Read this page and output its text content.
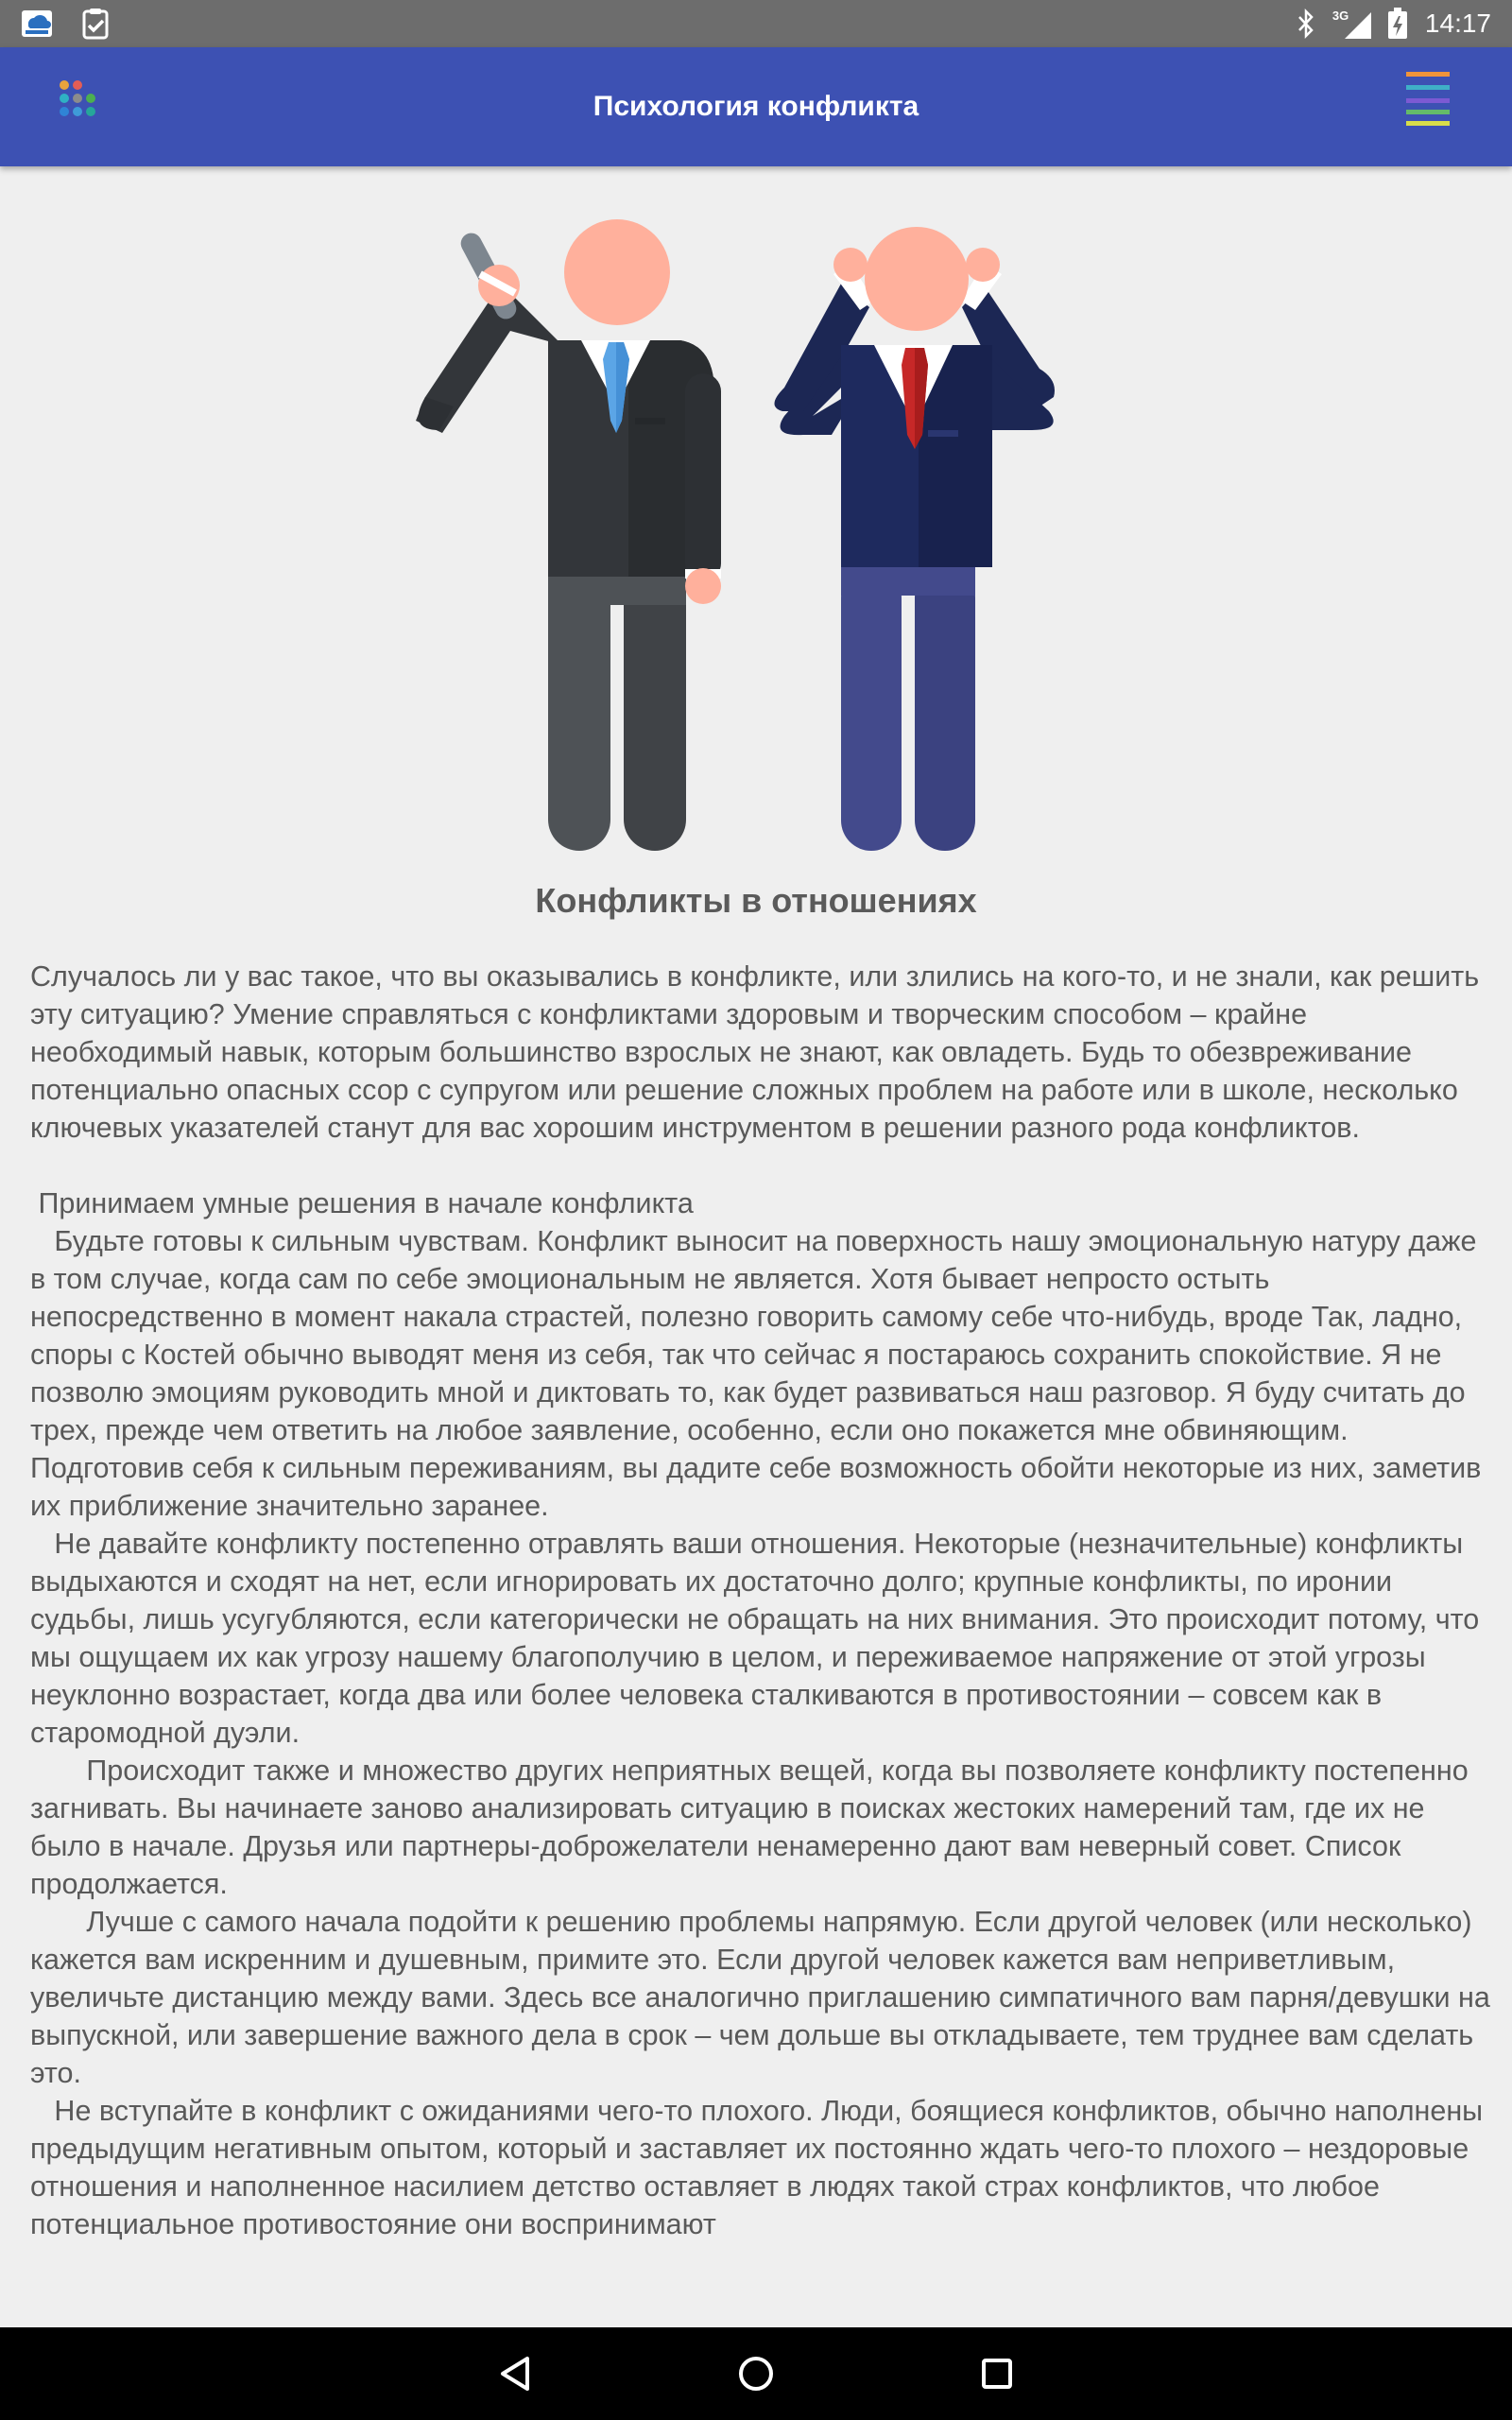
3G	14:17
Психология конфликта
Конфликты в отношениях
Случалось ли у вас такое, что вы оказывались в конфликте, или злились на кого-то, и не знали, как решить эту ситуацию? Умение справляться с конфликтами здоровым и творческим способом – крайне необходимый навык, которым большинство взрослых не знают, как овладеть. Будь то обезвреживание потенциально опасных ссор с супругом или решение сложных проблем на работе или в школе, несколько ключевых указателей станут для вас хорошим инструментом в решении разного рода конфликтов.

Принимаем умные решения в начале конфликта
Будьте готовы к сильным чувствам. Конфликт выносит на поверхность нашу эмоциональную натуру даже в том случае, когда сам по себе эмоциональным не является. Хотя бывает непросто остыть непосредственно в момент накала страстей, полезно говорить самому себе что-нибудь, вроде Так, ладно, споры с Костей обычно выводят меня из себя, так что сейчас я постараюсь сохранить спокойствие. Я не позволю эмоциям руководить мной и диктовать то, как будет развиваться наш разговор. Я буду считать до трех, прежде чем ответить на любое заявление, особенно, если оно покажется мне обвиняющим. Подготовив себя к сильным переживаниям, вы дадите себе возможность обойти некоторые из них, заметив их приближение значительно заранее.
Не давайте конфликту постепенно отравлять ваши отношения. Некоторые (незначительные) конфликты выдыхаются и сходят на нет, если игнорировать их достаточно долго; крупные конфликты, по иронии судьбы, лишь усугубляются, если категорически не обращать на них внимания. Это происходит потому, что мы ощущаем их как угрозу нашему благополучию в целом, и переживаемое напряжение от этой угрозы неуклонно возрастает, когда два или более человека сталкиваются в противостоянии – совсем как в старомодной дуэли.
Происходит также и множество других неприятных вещей, когда вы позволяете конфликту постепенно загнивать. Вы начинаете заново анализировать ситуацию в поисках жестоких намерений там, где их не было в начале. Друзья или партнеры-доброжелатели ненамеренно дают вам неверный совет. Список продолжается.
Лучше с самого начала подойти к решению проблемы напрямую. Если другой человек (или несколько) кажется вам искренним и душевным, примите это. Если другой человек кажется вам неприветливым, увеличьте дистанцию между вами. Здесь все аналогично приглашению симпатичного вам парня/девушки на выпускной, или завершение важного дела в срок – чем дольше вы откладываете, тем труднее вам сделать это.
Не вступайте в конфликт с ожиданиями чего-то плохого. Люди, боящиеся конфликтов, обычно наполнены предыдущим негативным опытом, который и заставляет их постоянно ждать чего-то плохого – нездоровые отношения и наполненное насилием детство оставляет в людях такой страх конфликтов, что любое потенциальное противостояние они воспринимают
